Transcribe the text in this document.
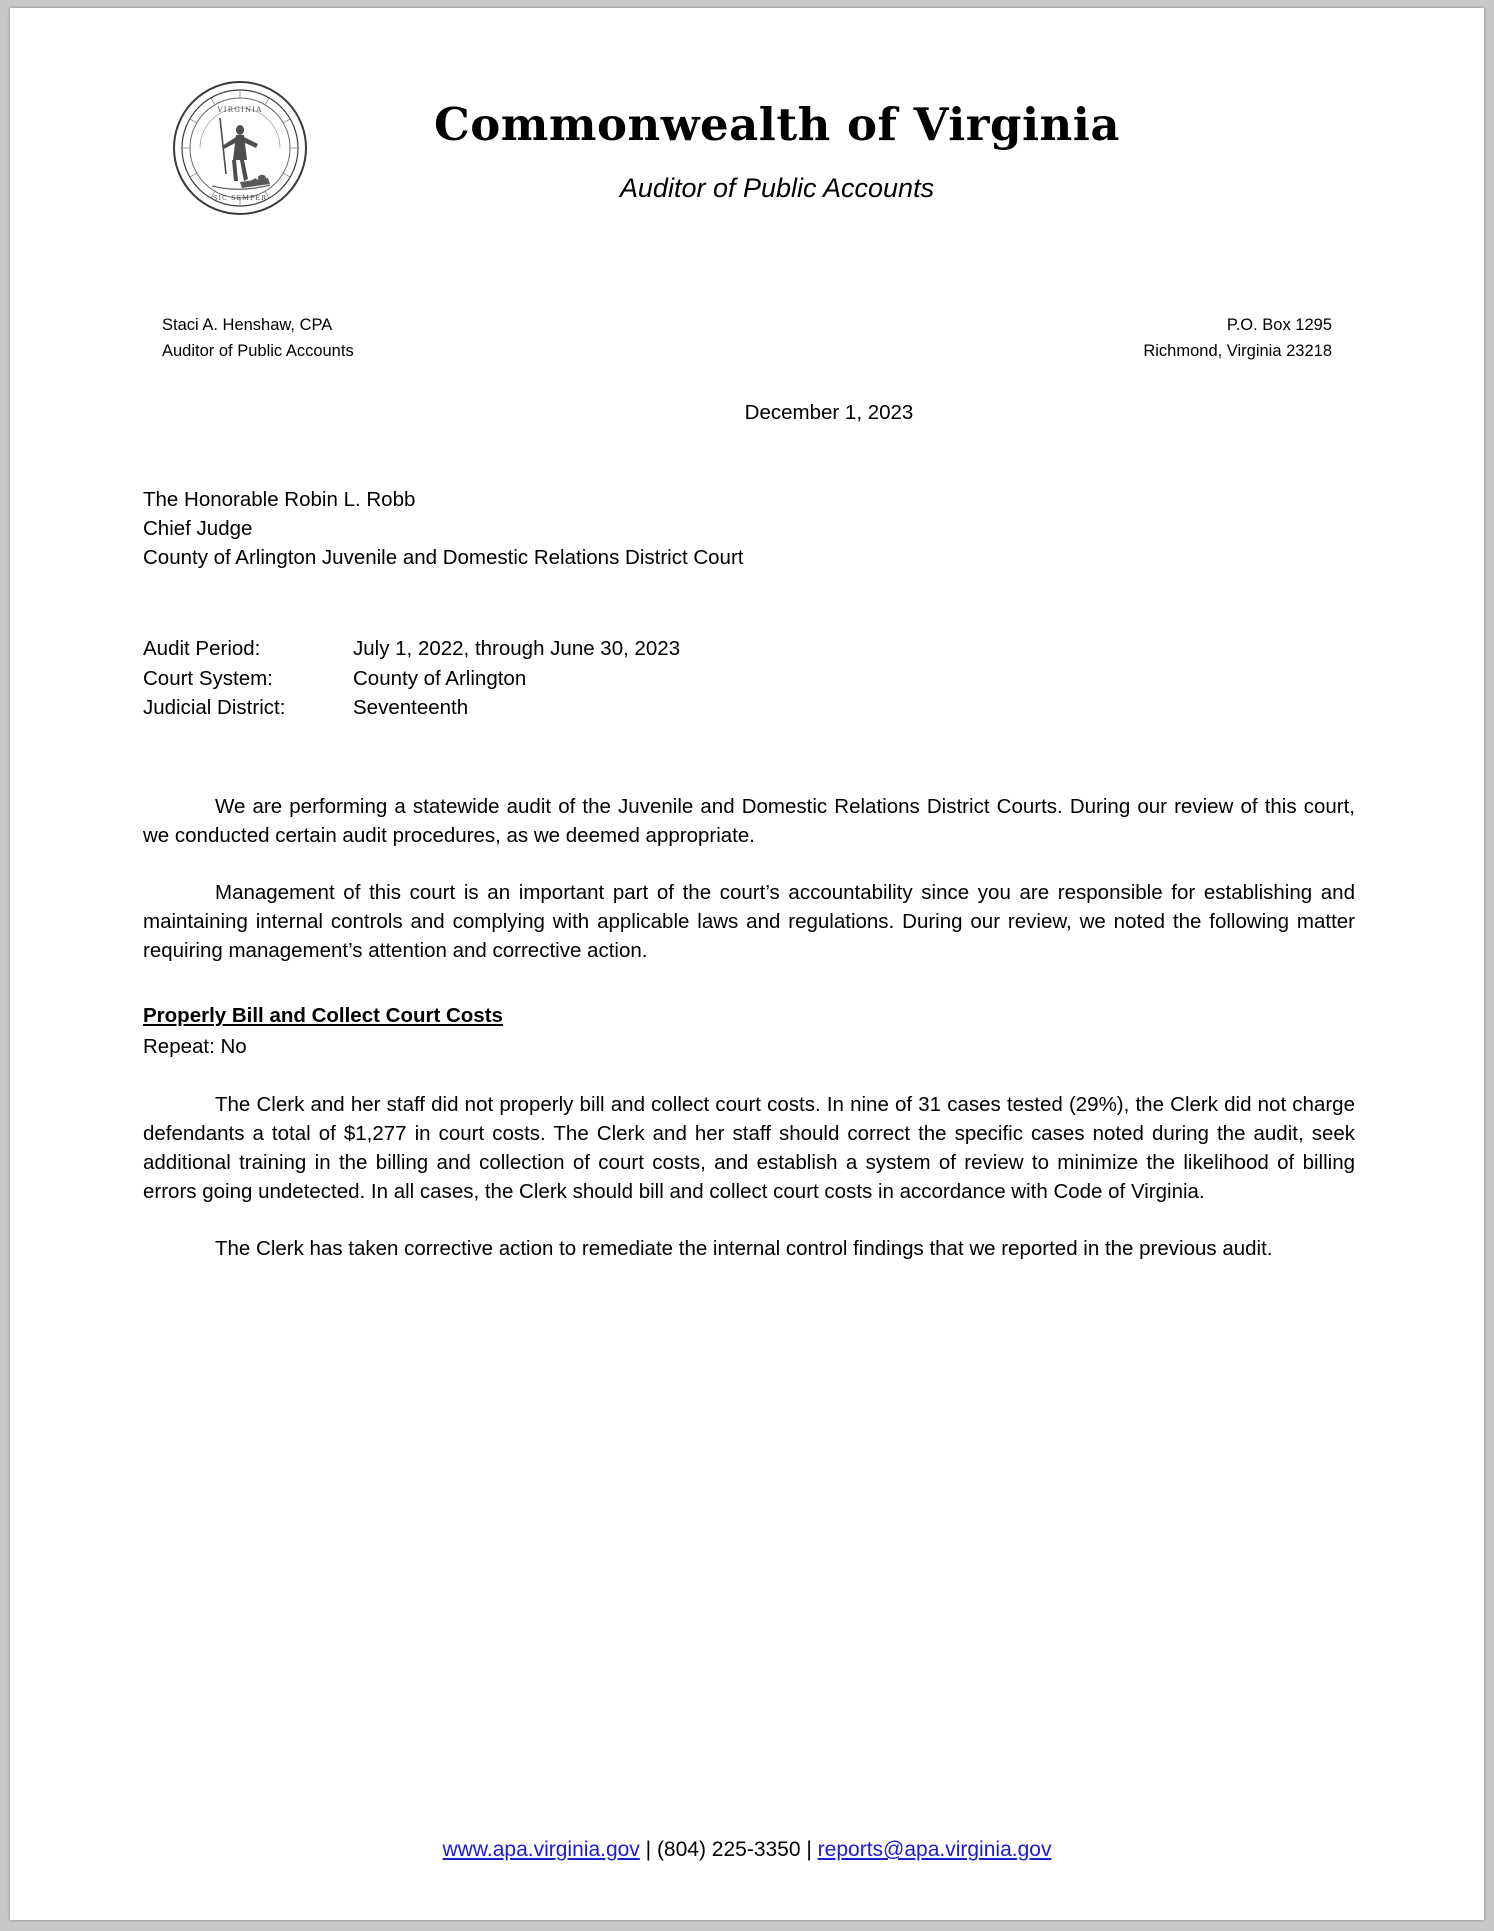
VIRGINIA
SIC SEMPER
Commonwealth of Virginia
Auditor of Public Accounts
Staci A. Henshaw, CPA
Auditor of Public Accounts
P.O. Box 1295
Richmond, Virginia 23218
December 1, 2023
The Honorable Robin L. Robb
Chief Judge
County of Arlington Juvenile and Domestic Relations District Court
Audit Period:	July 1, 2022, through June 30, 2023
Court System:	County of Arlington
Judicial District:	Seventeenth
We are performing a statewide audit of the Juvenile and Domestic Relations District Courts. During our review of this court, we conducted certain audit procedures, as we deemed appropriate.
Management of this court is an important part of the court’s accountability since you are responsible for establishing and maintaining internal controls and complying with applicable laws and regulations. During our review, we noted the following matter requiring management’s attention and corrective action.
Properly Bill and Collect Court Costs
Repeat: No
The Clerk and her staff did not properly bill and collect court costs. In nine of 31 cases tested (29%), the Clerk did not charge defendants a total of $1,277 in court costs. The Clerk and her staff should correct the specific cases noted during the audit, seek additional training in the billing and collection of court costs, and establish a system of review to minimize the likelihood of billing errors going undetected. In all cases, the Clerk should bill and collect court costs in accordance with Code of Virginia.
The Clerk has taken corrective action to remediate the internal control findings that we reported in the previous audit.
www.apa.virginia.gov | (804) 225-3350 | reports@apa.virginia.gov
